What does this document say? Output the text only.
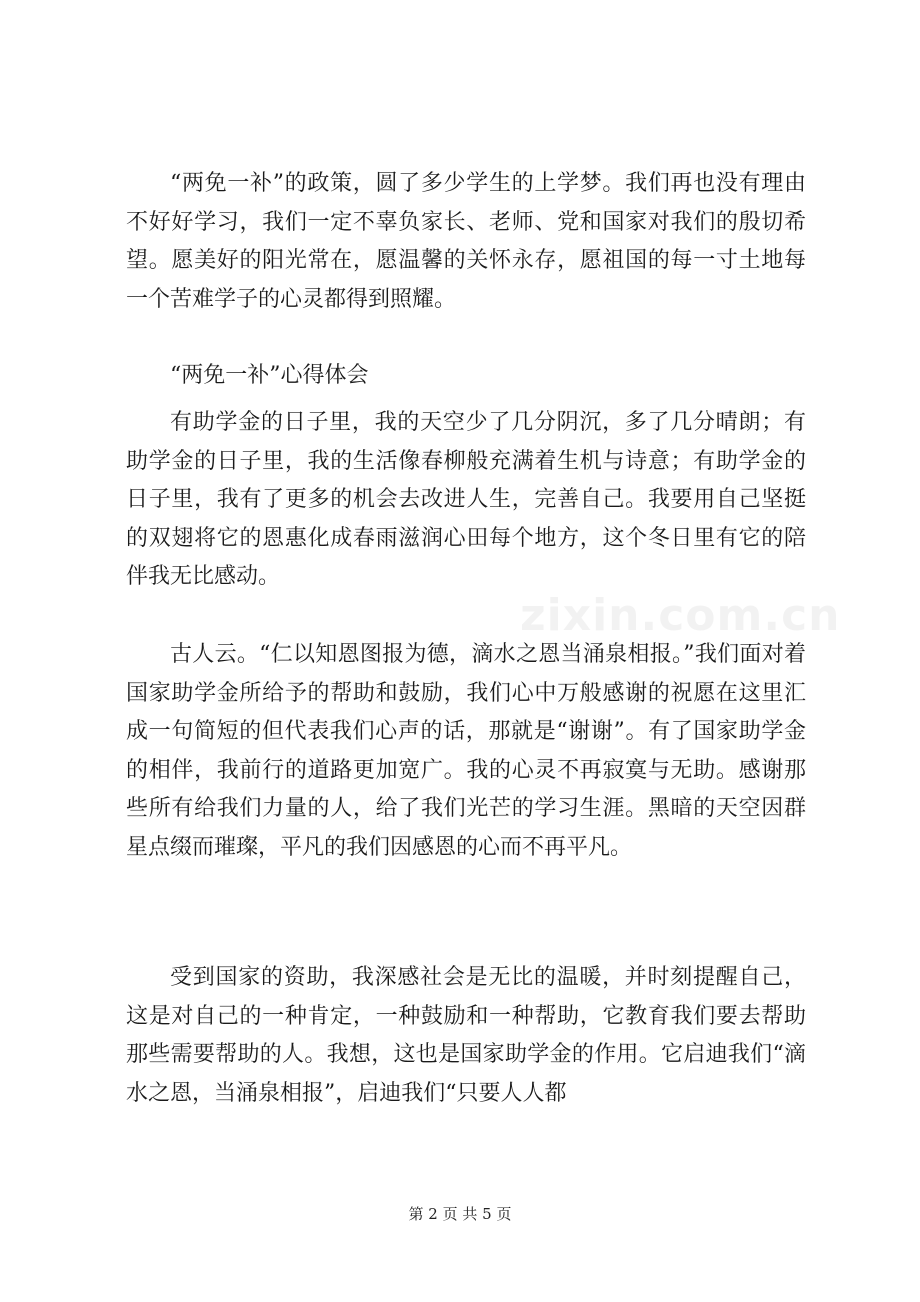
“两免一补”的政策，圆了多少学生的上学梦。我们再也没有理由不好好学习，我们一定不辜负家长、老师、党和国家对我们的殷切希望。愿美好的阳光常在，愿温馨的关怀永存，愿祖国的每一寸土地每一个苦难学子的心灵都得到照耀。

“两免一补”心得体会

有助学金的日子里，我的天空少了几分阴沉，多了几分晴朗；有助学金的日子里，我的生活像春柳般充满着生机与诗意；有助学金的日子里，我有了更多的机会去改进人生，完善自己。我要用自己坚挺的双翅将它的恩惠化成春雨滋润心田每个地方，这个冬日里有它的陪伴我无比感动。

古人云。“仁以知恩图报为德，滴水之恩当涌泉相报。”我们面对着国家助学金所给予的帮助和鼓励，我们心中万般感谢的祝愿在这里汇成一句简短的但代表我们心声的话，那就是“谢谢”。有了国家助学金的相伴，我前行的道路更加宽广。我的心灵不再寂寞与无助。感谢那些所有给我们力量的人，给了我们光芒的学习生涯。黑暗的天空因群星点缀而璀璨，平凡的我们因感恩的心而不再平凡。

受到国家的资助，我深感社会是无比的温暖，并时刻提醒自己，这是对自己的一种肯定，一种鼓励和一种帮助，它教育我们要去帮助那些需要帮助的人。我想，这也是国家助学金的作用。它启迪我们“滴水之恩，当涌泉相报”，启迪我们“只要人人都

zixin.com.cn
第 2 页 共 5 页
